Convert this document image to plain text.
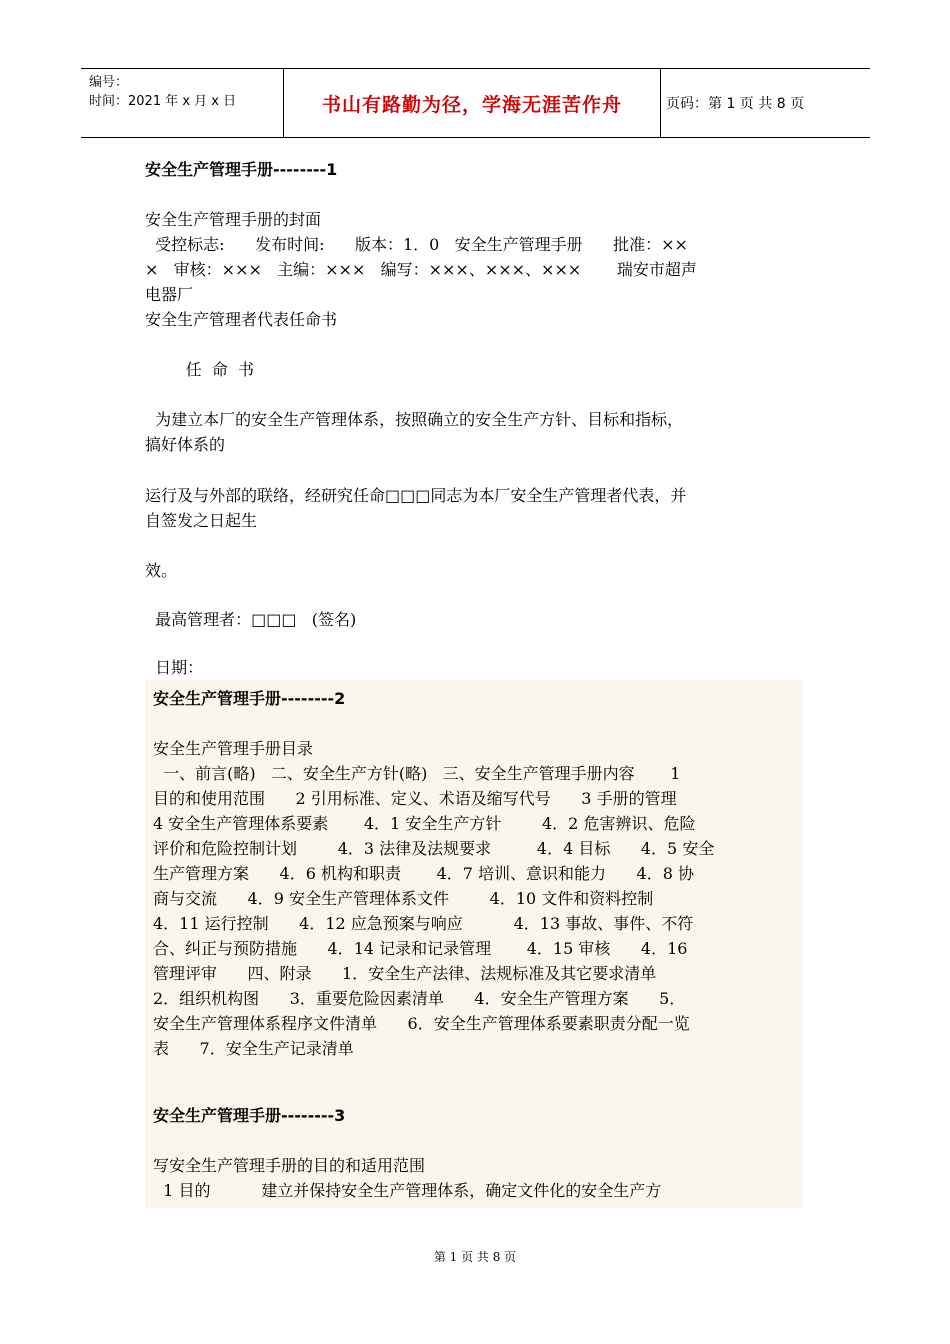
编号：
时间：2021 年 x 月 x 日	书山有路勤为径，学海无涯苦作舟	页码：第 1 页 共 8 页
安全生产管理手册--------1
安全生产管理手册的封面
受控标志:      发布时间:      版本：1．0   安全生产管理手册      批准：××
×   审核：×××   主编：×××   编写：×××、×××、×××       瑞安市超声
电器厂
安全生产管理者代表任命书
任  命  书
为建立本厂的安全生产管理体系，按照确立的安全生产方针、目标和指标，
搞好体系的
运行及与外部的联络，经研究任命□□□同志为本厂安全生产管理者代表，并
自签发之日起生
效。
最高管理者：□□□   (签名)
日期：
安全生产管理手册--------2
安全生产管理手册目录
一、前言(略)   二、安全生产方针(略)   三、安全生产管理手册内容       1
目的和使用范围      2 引用标准、定义、术语及缩写代号      3 手册的管理
4 安全生产管理体系要素       4．1 安全生产方针        4．2 危害辨识、危险
评价和危险控制计划        4．3 法律及法规要求         4．4 目标      4．5 安全
生产管理方案      4．6 机构和职责       4．7 培训、意识和能力      4．8 协
商与交流      4．9 安全生产管理体系文件        4．10 文件和资料控制
4．11 运行控制      4．12 应急预案与响应          4．13 事故、事件、不符
合、纠正与预防措施      4．14 记录和记录管理       4．15 审核      4．16
管理评审      四、附录      1．安全生产法律、法规标准及其它要求清单
2．组织机构图      3．重要危险因素清单      4．安全生产管理方案      5．
安全生产管理体系程序文件清单      6．安全生产管理体系要素职责分配一览
表      7．安全生产记录清单
安全生产管理手册--------3
写安全生产管理手册的目的和适用范围
1 目的          建立并保持安全生产管理体系，确定文件化的安全生产方
第 1 页 共 8 页
